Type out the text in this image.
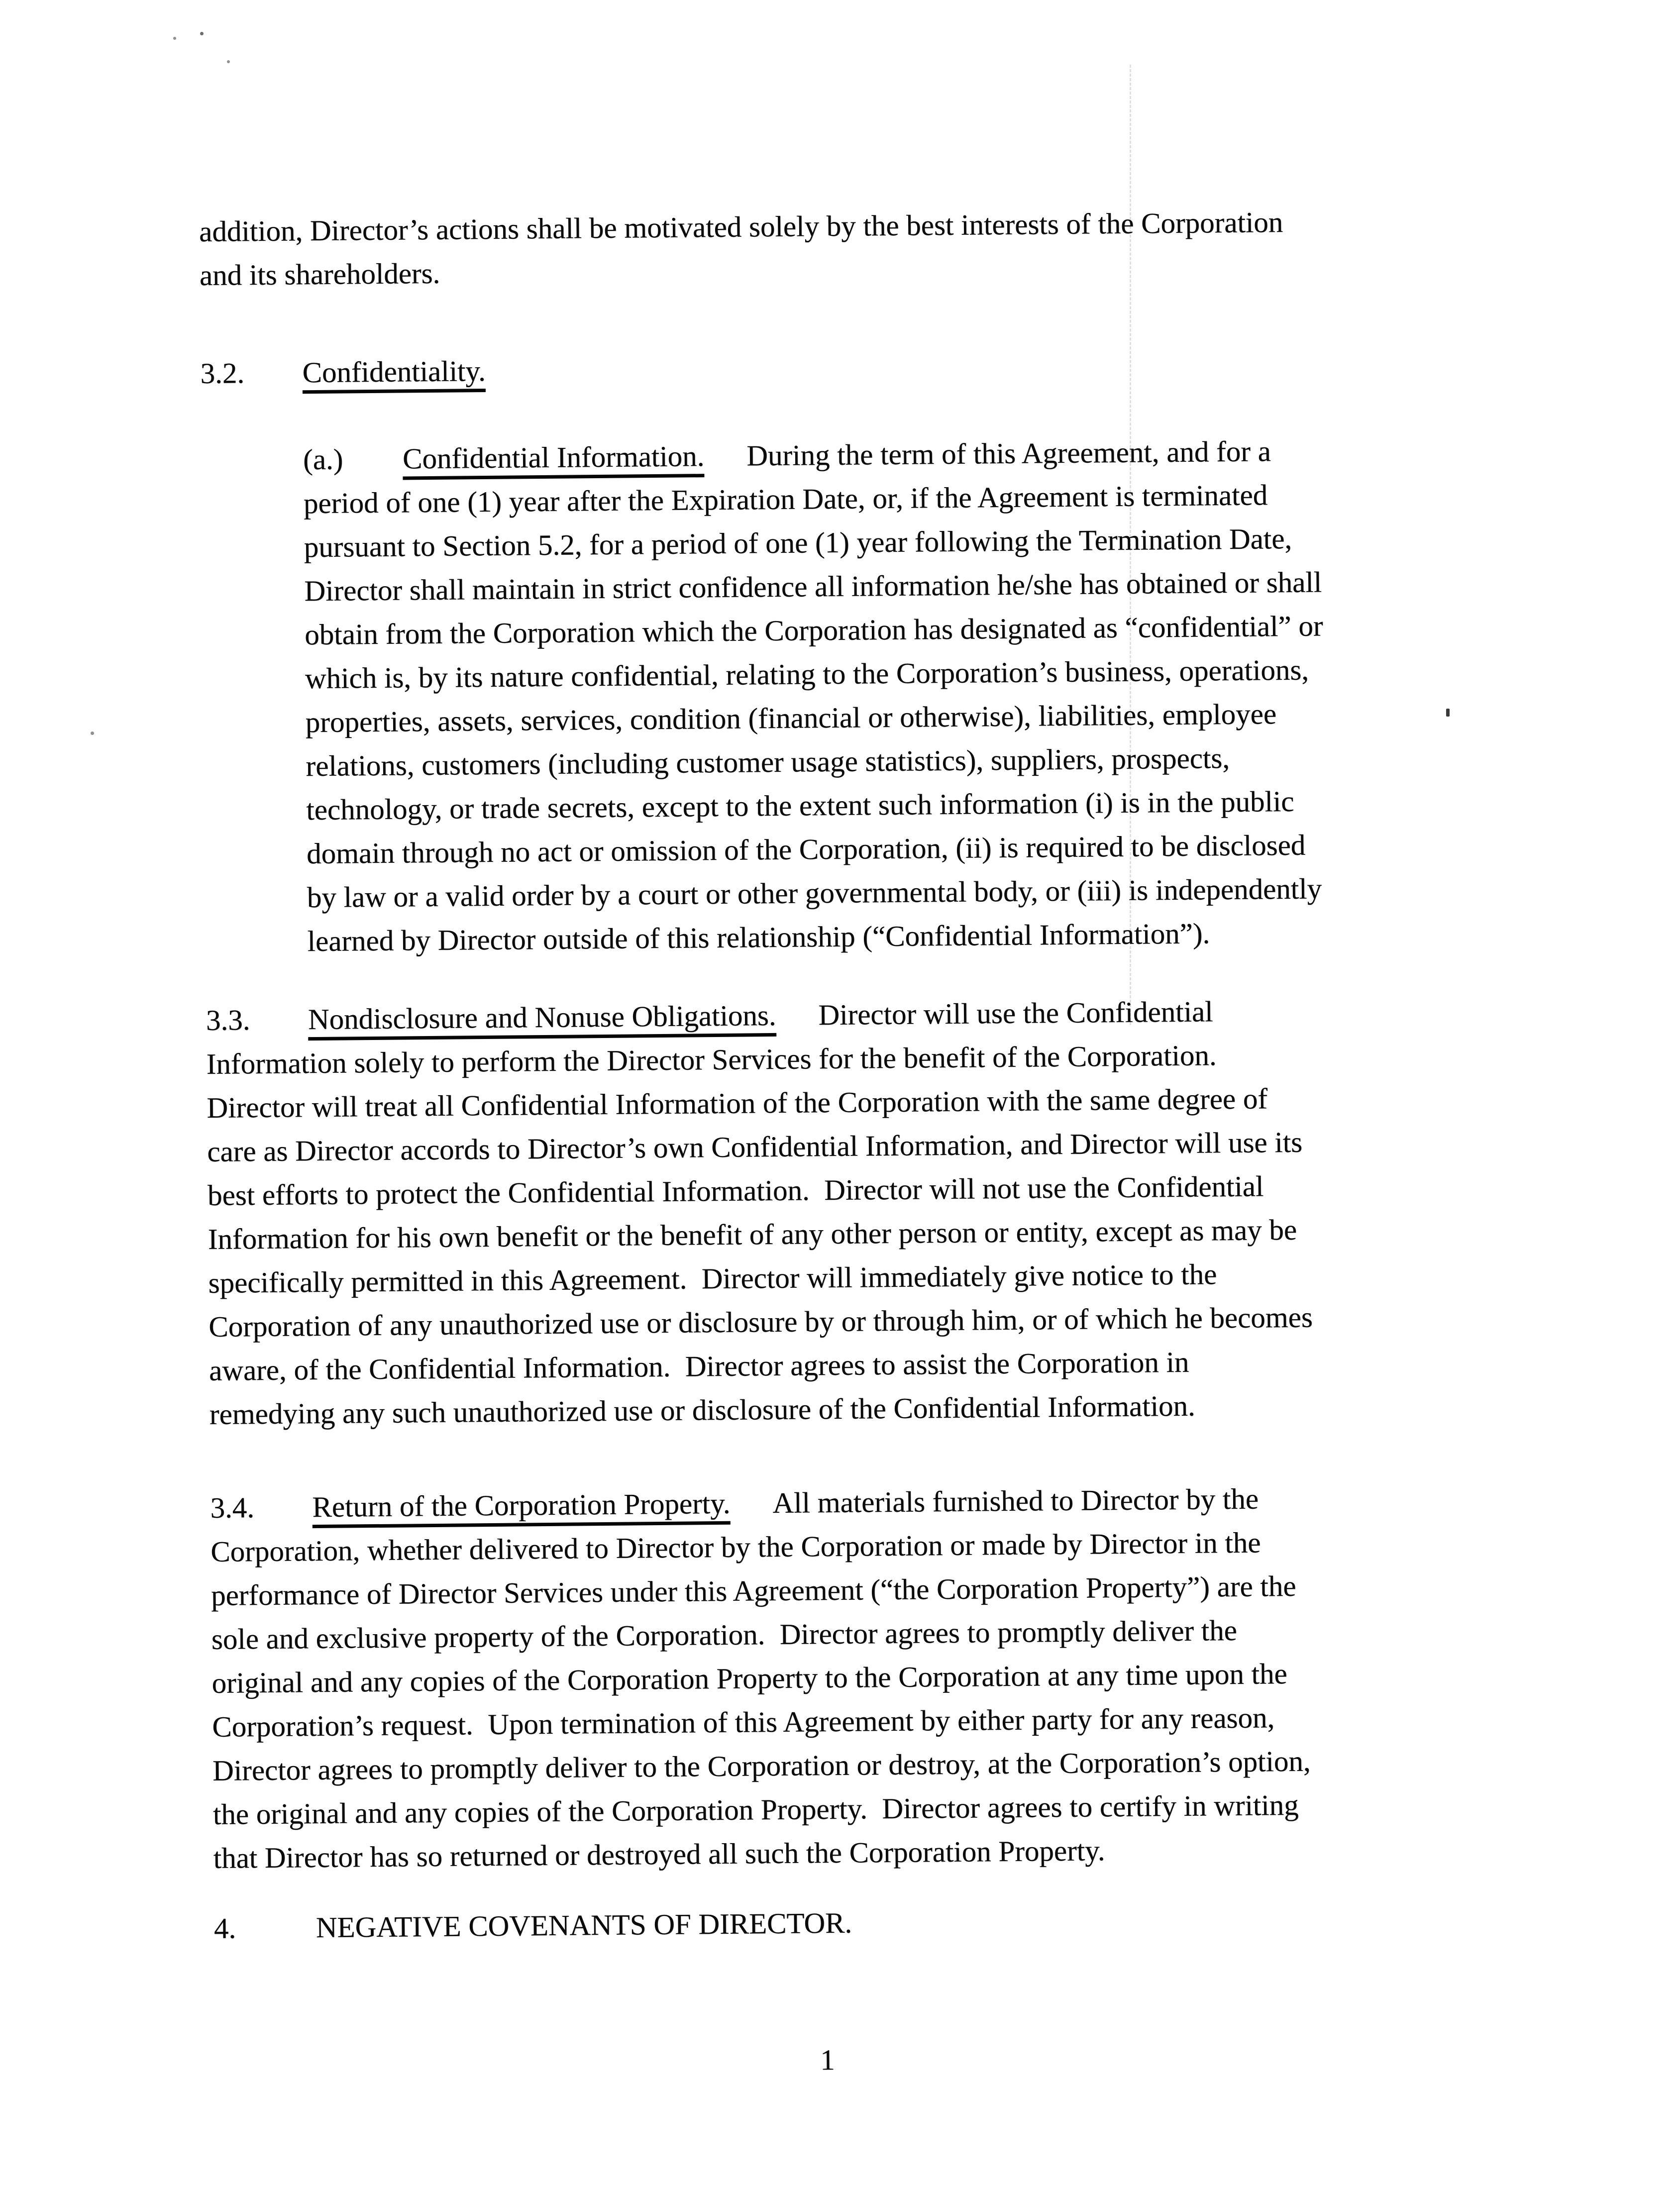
addition, Director’s actions shall be motivated solely by the best interests of the Corporation
and its shareholders.
3.2. Confidentiality.
(a.) Confidential Information. During the term of this Agreement, and for a
period of one (1) year after the Expiration Date, or, if the Agreement is terminated
pursuant to Section 5.2, for a period of one (1) year following the Termination Date,
Director shall maintain in strict confidence all information he/she has obtained or shall
obtain from the Corporation which the Corporation has designated as “confidential” or
which is, by its nature confidential, relating to the Corporation’s business, operations,
properties, assets, services, condition (financial or otherwise), liabilities, employee
relations, customers (including customer usage statistics), suppliers, prospects,
technology, or trade secrets, except to the extent such information (i) is in the public
domain through no act or omission of the Corporation, (ii) is required to be disclosed
by law or a valid order by a court or other governmental body, or (iii) is independently
learned by Director outside of this relationship (“Confidential Information”).
3.3. Nondisclosure and Nonuse Obligations. Director will use the Confidential
Information solely to perform the Director Services for the benefit of the Corporation.
Director will treat all Confidential Information of the Corporation with the same degree of
care as Director accords to Director’s own Confidential Information, and Director will use its
best efforts to protect the Confidential Information.  Director will not use the Confidential
Information for his own benefit or the benefit of any other person or entity, except as may be
specifically permitted in this Agreement.  Director will immediately give notice to the
Corporation of any unauthorized use or disclosure by or through him, or of which he becomes
aware, of the Confidential Information.  Director agrees to assist the Corporation in
remedying any such unauthorized use or disclosure of the Confidential Information.
3.4. Return of the Corporation Property. All materials furnished to Director by the
Corporation, whether delivered to Director by the Corporation or made by Director in the
performance of Director Services under this Agreement (“the Corporation Property”) are the
sole and exclusive property of the Corporation.  Director agrees to promptly deliver the
original and any copies of the Corporation Property to the Corporation at any time upon the
Corporation’s request.  Upon termination of this Agreement by either party for any reason,
Director agrees to promptly deliver to the Corporation or destroy, at the Corporation’s option,
the original and any copies of the Corporation Property.  Director agrees to certify in writing
that Director has so returned or destroyed all such the Corporation Property.
4.	NEGATIVE COVENANTS OF DIRECTOR.
1
